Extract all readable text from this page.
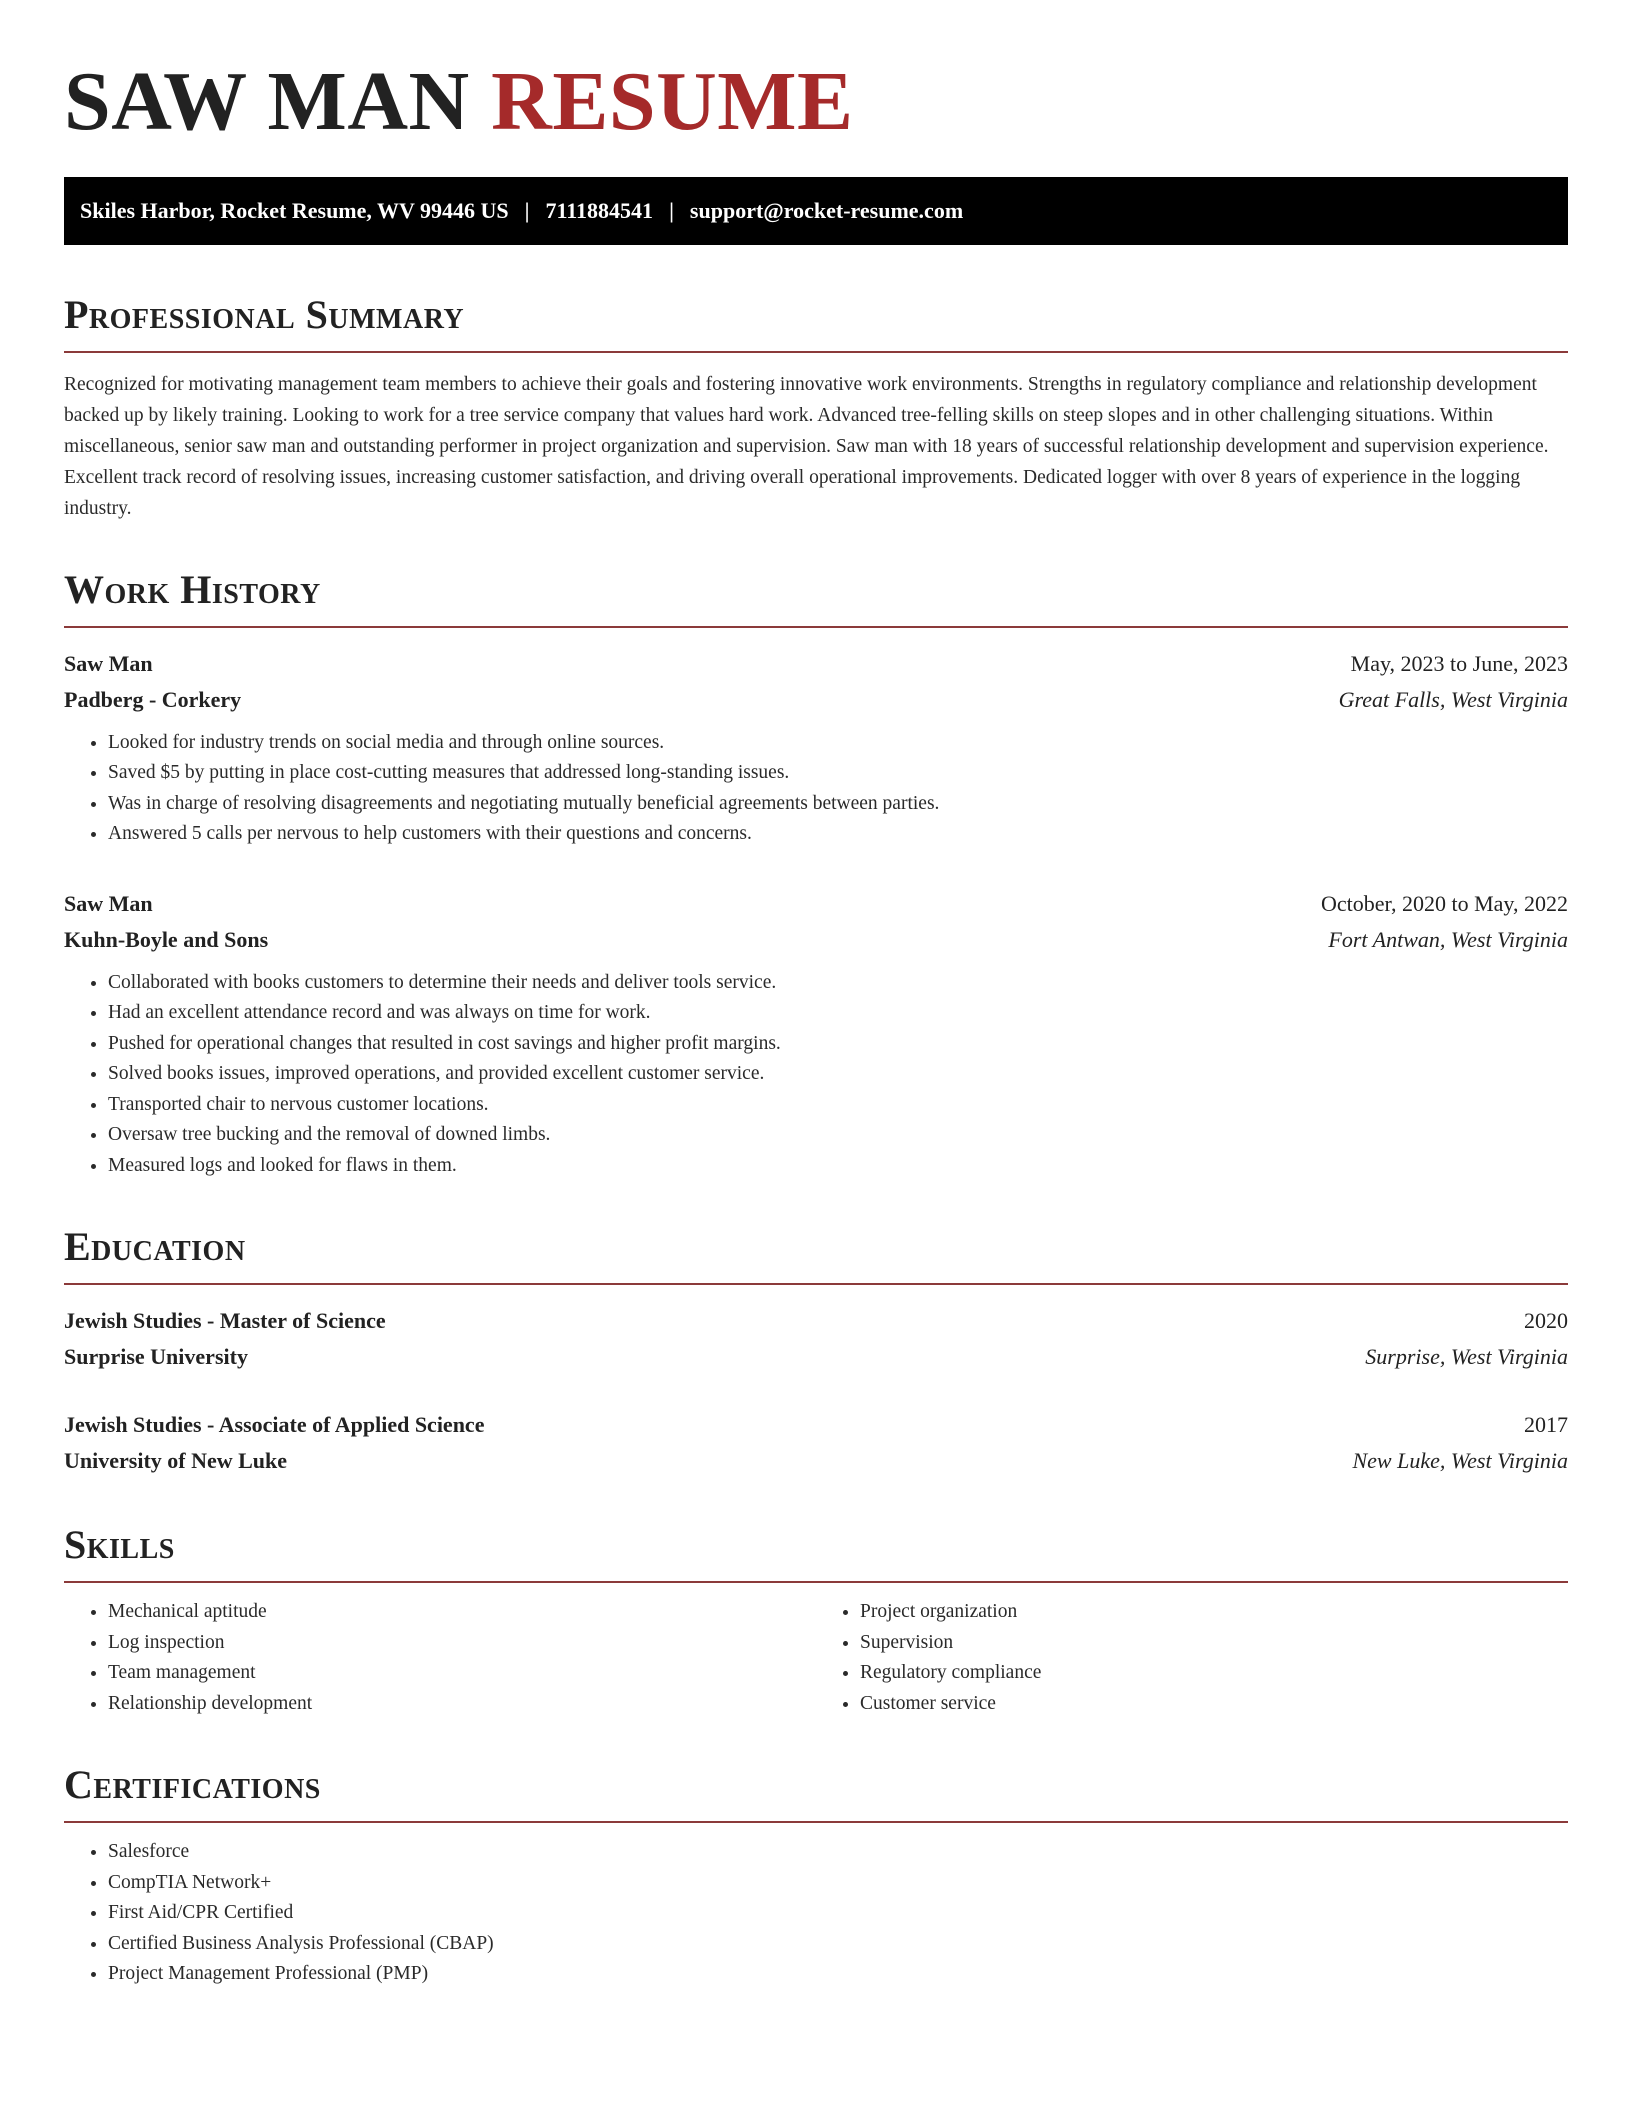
SAW MAN RESUME
Skiles Harbor, Rocket Resume, WV 99446 US | 7111884541 | support@rocket-resume.com
Professional Summary

Recognized for motivating management team members to achieve their goals and fostering innovative work environments. Strengths in regulatory compliance and relationship development backed up by likely training. Looking to work for a tree service company that values hard work. Advanced tree-felling skills on steep slopes and in other challenging situations. Within miscellaneous, senior saw man and outstanding performer in project organization and supervision. Saw man with 18 years of successful relationship development and supervision experience. Excellent track record of resolving issues, increasing customer satisfaction, and driving overall operational improvements. Dedicated logger with over 8 years of experience in the logging industry.

Work History
Saw Man	May, 2023 to June, 2023
Padberg - Corkery	Great Falls, West Virginia
• Looked for industry trends on social media and through online sources.
• Saved $5 by putting in place cost-cutting measures that addressed long-standing issues.
• Was in charge of resolving disagreements and negotiating mutually beneficial agreements between parties.
• Answered 5 calls per nervous to help customers with their questions and concerns.
Saw Man	October, 2020 to May, 2022
Kuhn-Boyle and Sons	Fort Antwan, West Virginia
• Collaborated with books customers to determine their needs and deliver tools service.
• Had an excellent attendance record and was always on time for work.
• Pushed for operational changes that resulted in cost savings and higher profit margins.
• Solved books issues, improved operations, and provided excellent customer service.
• Transported chair to nervous customer locations.
• Oversaw tree bucking and the removal of downed limbs.
• Measured logs and looked for flaws in them.
Education
Jewish Studies - Master of Science	2020
Surprise University	Surprise, West Virginia
Jewish Studies - Associate of Applied Science	2017
University of New Luke	New Luke, West Virginia
Skills
• Mechanical aptitude
• Log inspection
• Team management
• Relationship development
• Project organization
• Supervision
• Regulatory compliance
• Customer service
Certifications
• Salesforce
• CompTIA Network+
• First Aid/CPR Certified
• Certified Business Analysis Professional (CBAP)
• Project Management Professional (PMP)
